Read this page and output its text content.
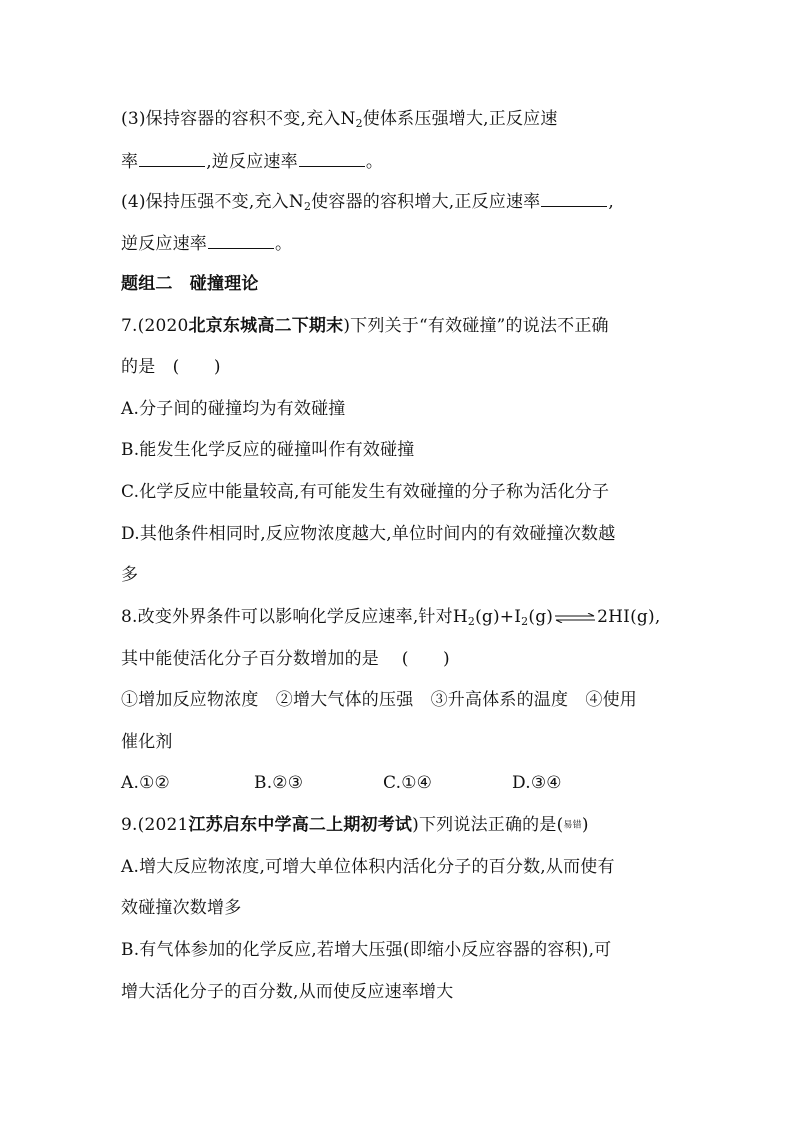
(3)保持容器的容积不变,充入$N_2$使体系压强增大,正反应速
率	,逆反应速率	。
(4)保持压强不变,充入$N_2$使容器的容积增大,正反应速率	,
逆反应速率	。
题组二　碰撞理论
7.(2020北京东城高二下期末)下列关于“有效碰撞”的说法不正确
的是　(　　)
A.分子间的碰撞均为有效碰撞
B.能发生化学反应的碰撞叫作有效碰撞
C.化学反应中能量较高,有可能发生有效碰撞的分子称为活化分子
D.其他条件相同时,反应物浓度越大,单位时间内的有效碰撞次数越
多
8.改变外界条件可以影响化学反应速率,针对$H_2(g)+I_2(g)\rightleftharpoons 2HI(g)$,
其中能使活化分子百分数增加的是　 (　　)
①增加反应物浓度　②增大气体的压强　③升高体系的温度　④使用
催化剂
A.①②	B.②③	C.①④	D.③④
9.(2021江苏启东中学高二上期初考试)下列说法正确的是(易错)
A.增大反应物浓度,可增大单位体积内活化分子的百分数,从而使有
效碰撞次数增多
B.有气体参加的化学反应,若增大压强(即缩小反应容器的容积),可
增大活化分子的百分数,从而使反应速率增大
